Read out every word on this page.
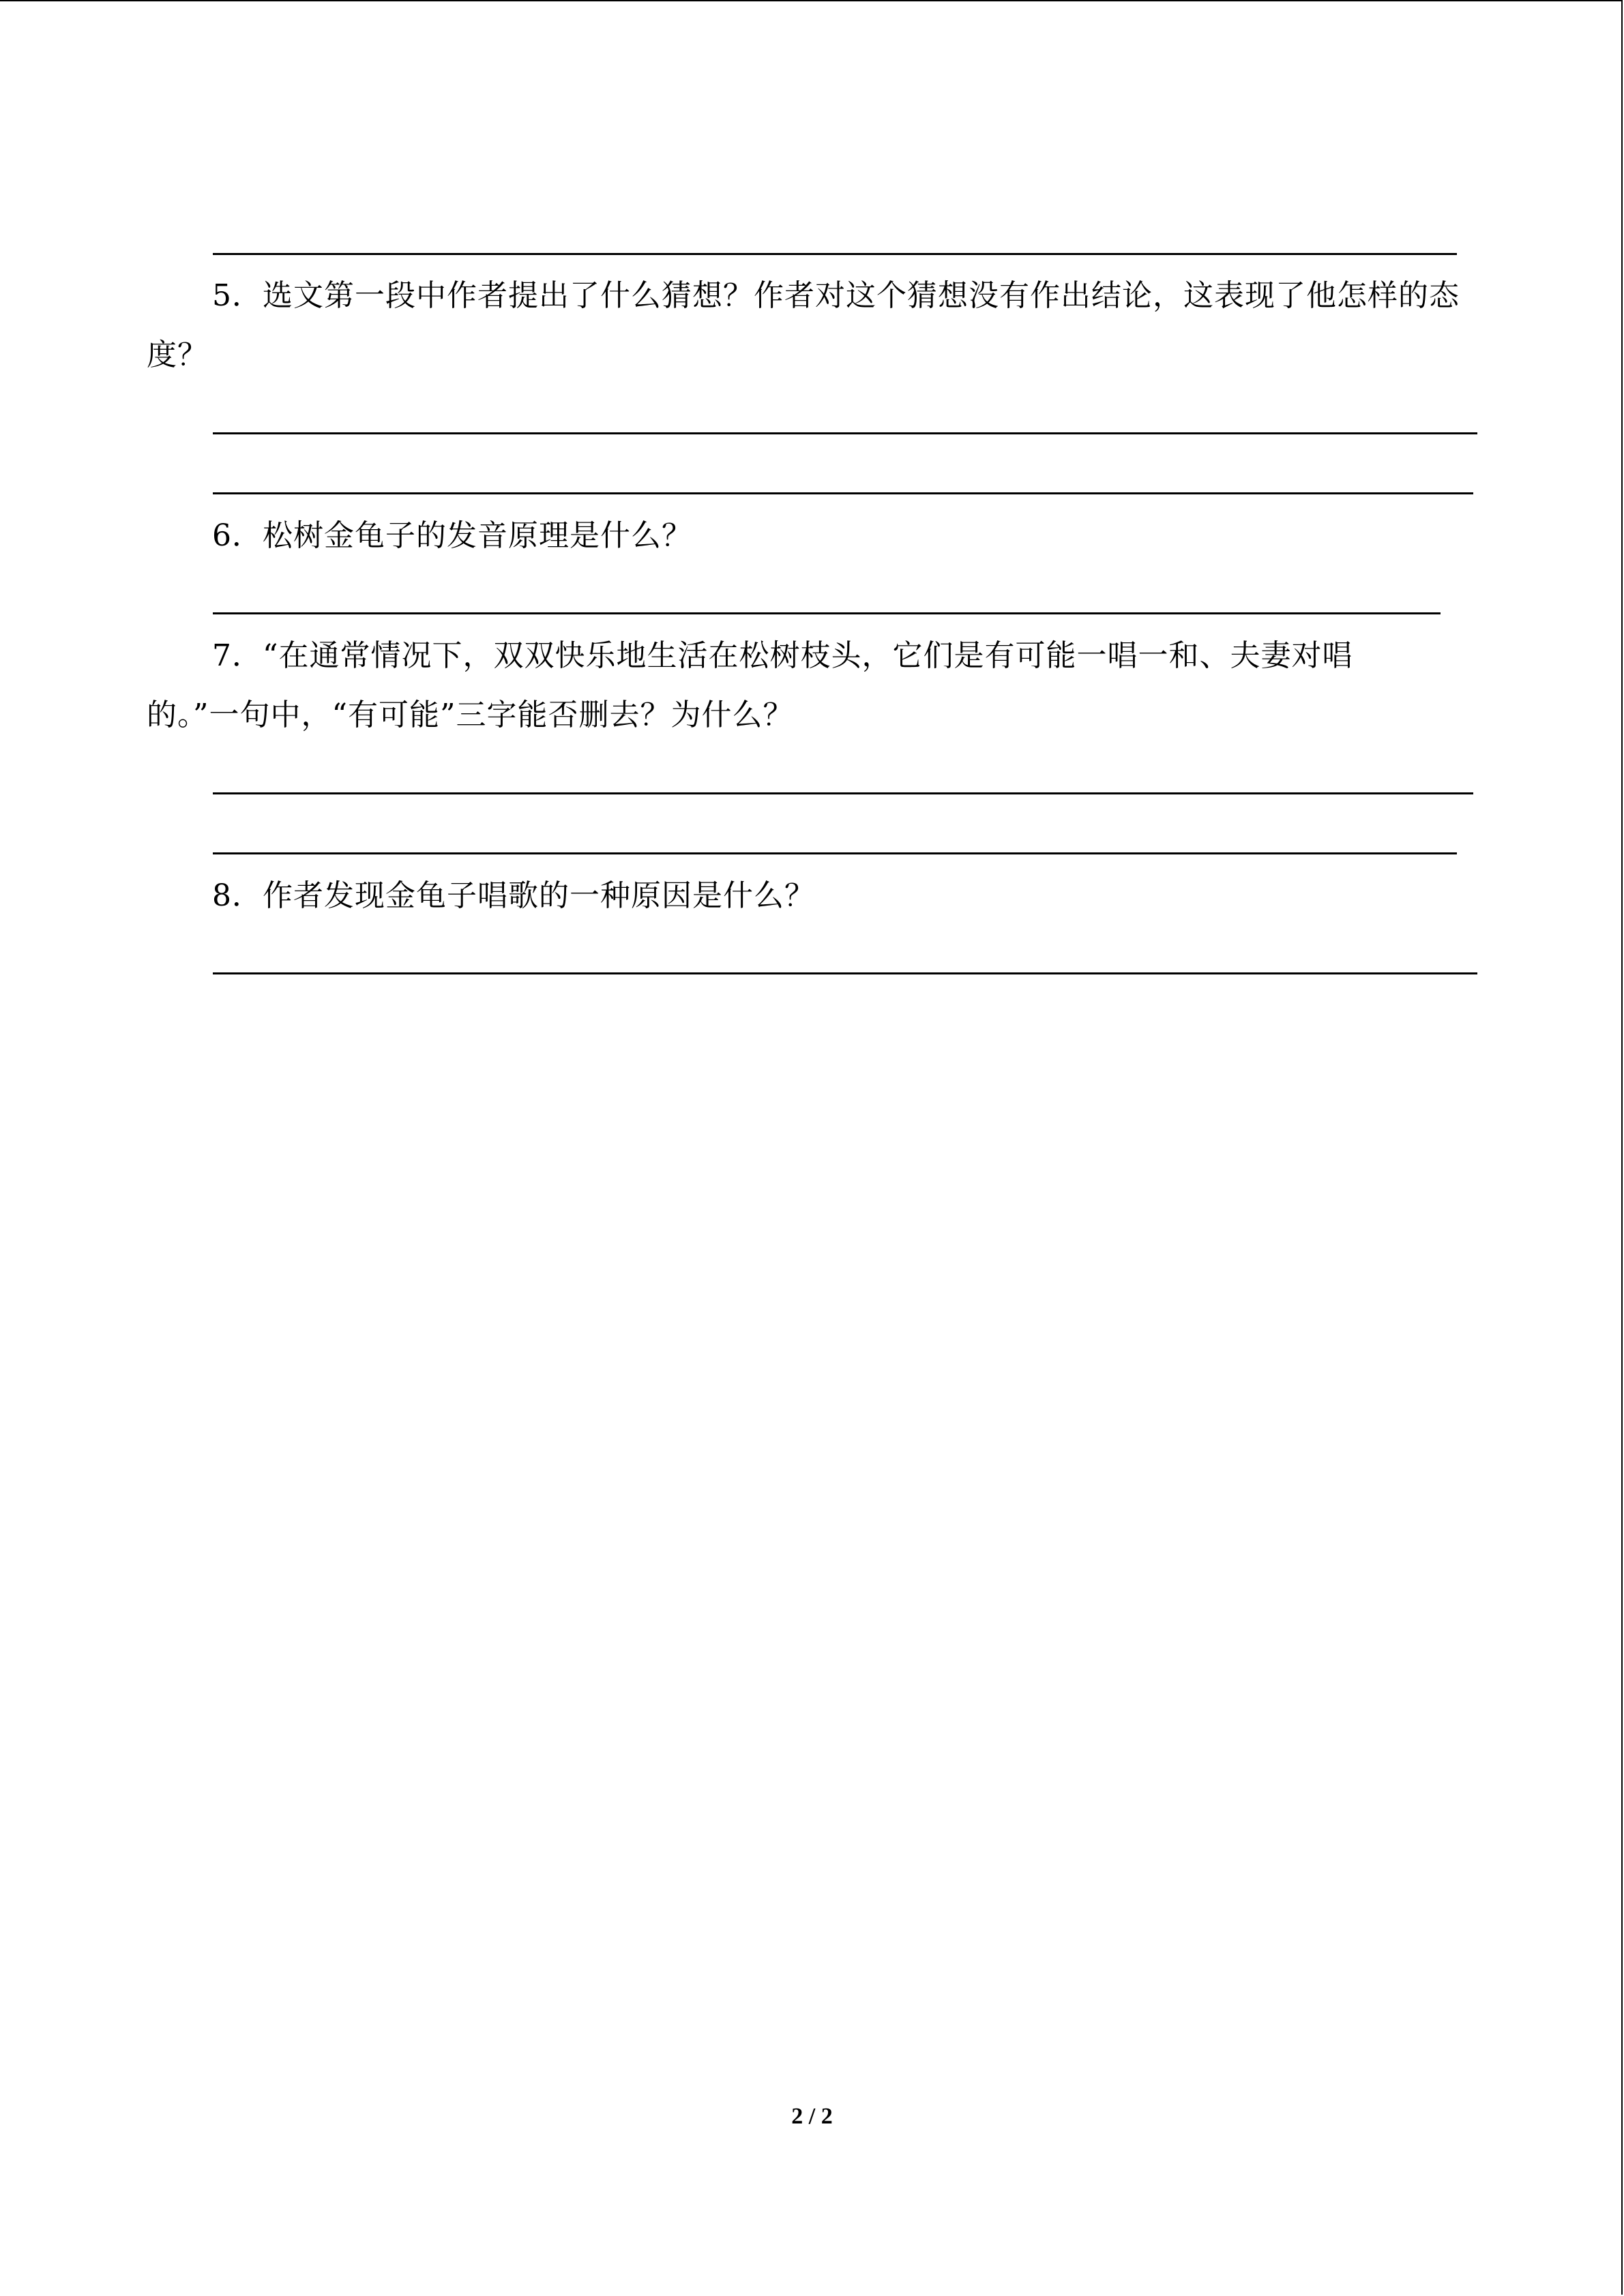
5．选文第一段中作者提出了什么猜想？作者对这个猜想没有作出结论，这表现了他怎样的态度？
6．松树金龟子的发音原理是什么？
7．“在通常情况下，双双快乐地生活在松树枝头，它们是有可能一唱一和、夫妻对唱的。”一句中，“有可能”三字能否删去？为什么？
8．作者发现金龟子唱歌的一种原因是什么？
2 / 2
